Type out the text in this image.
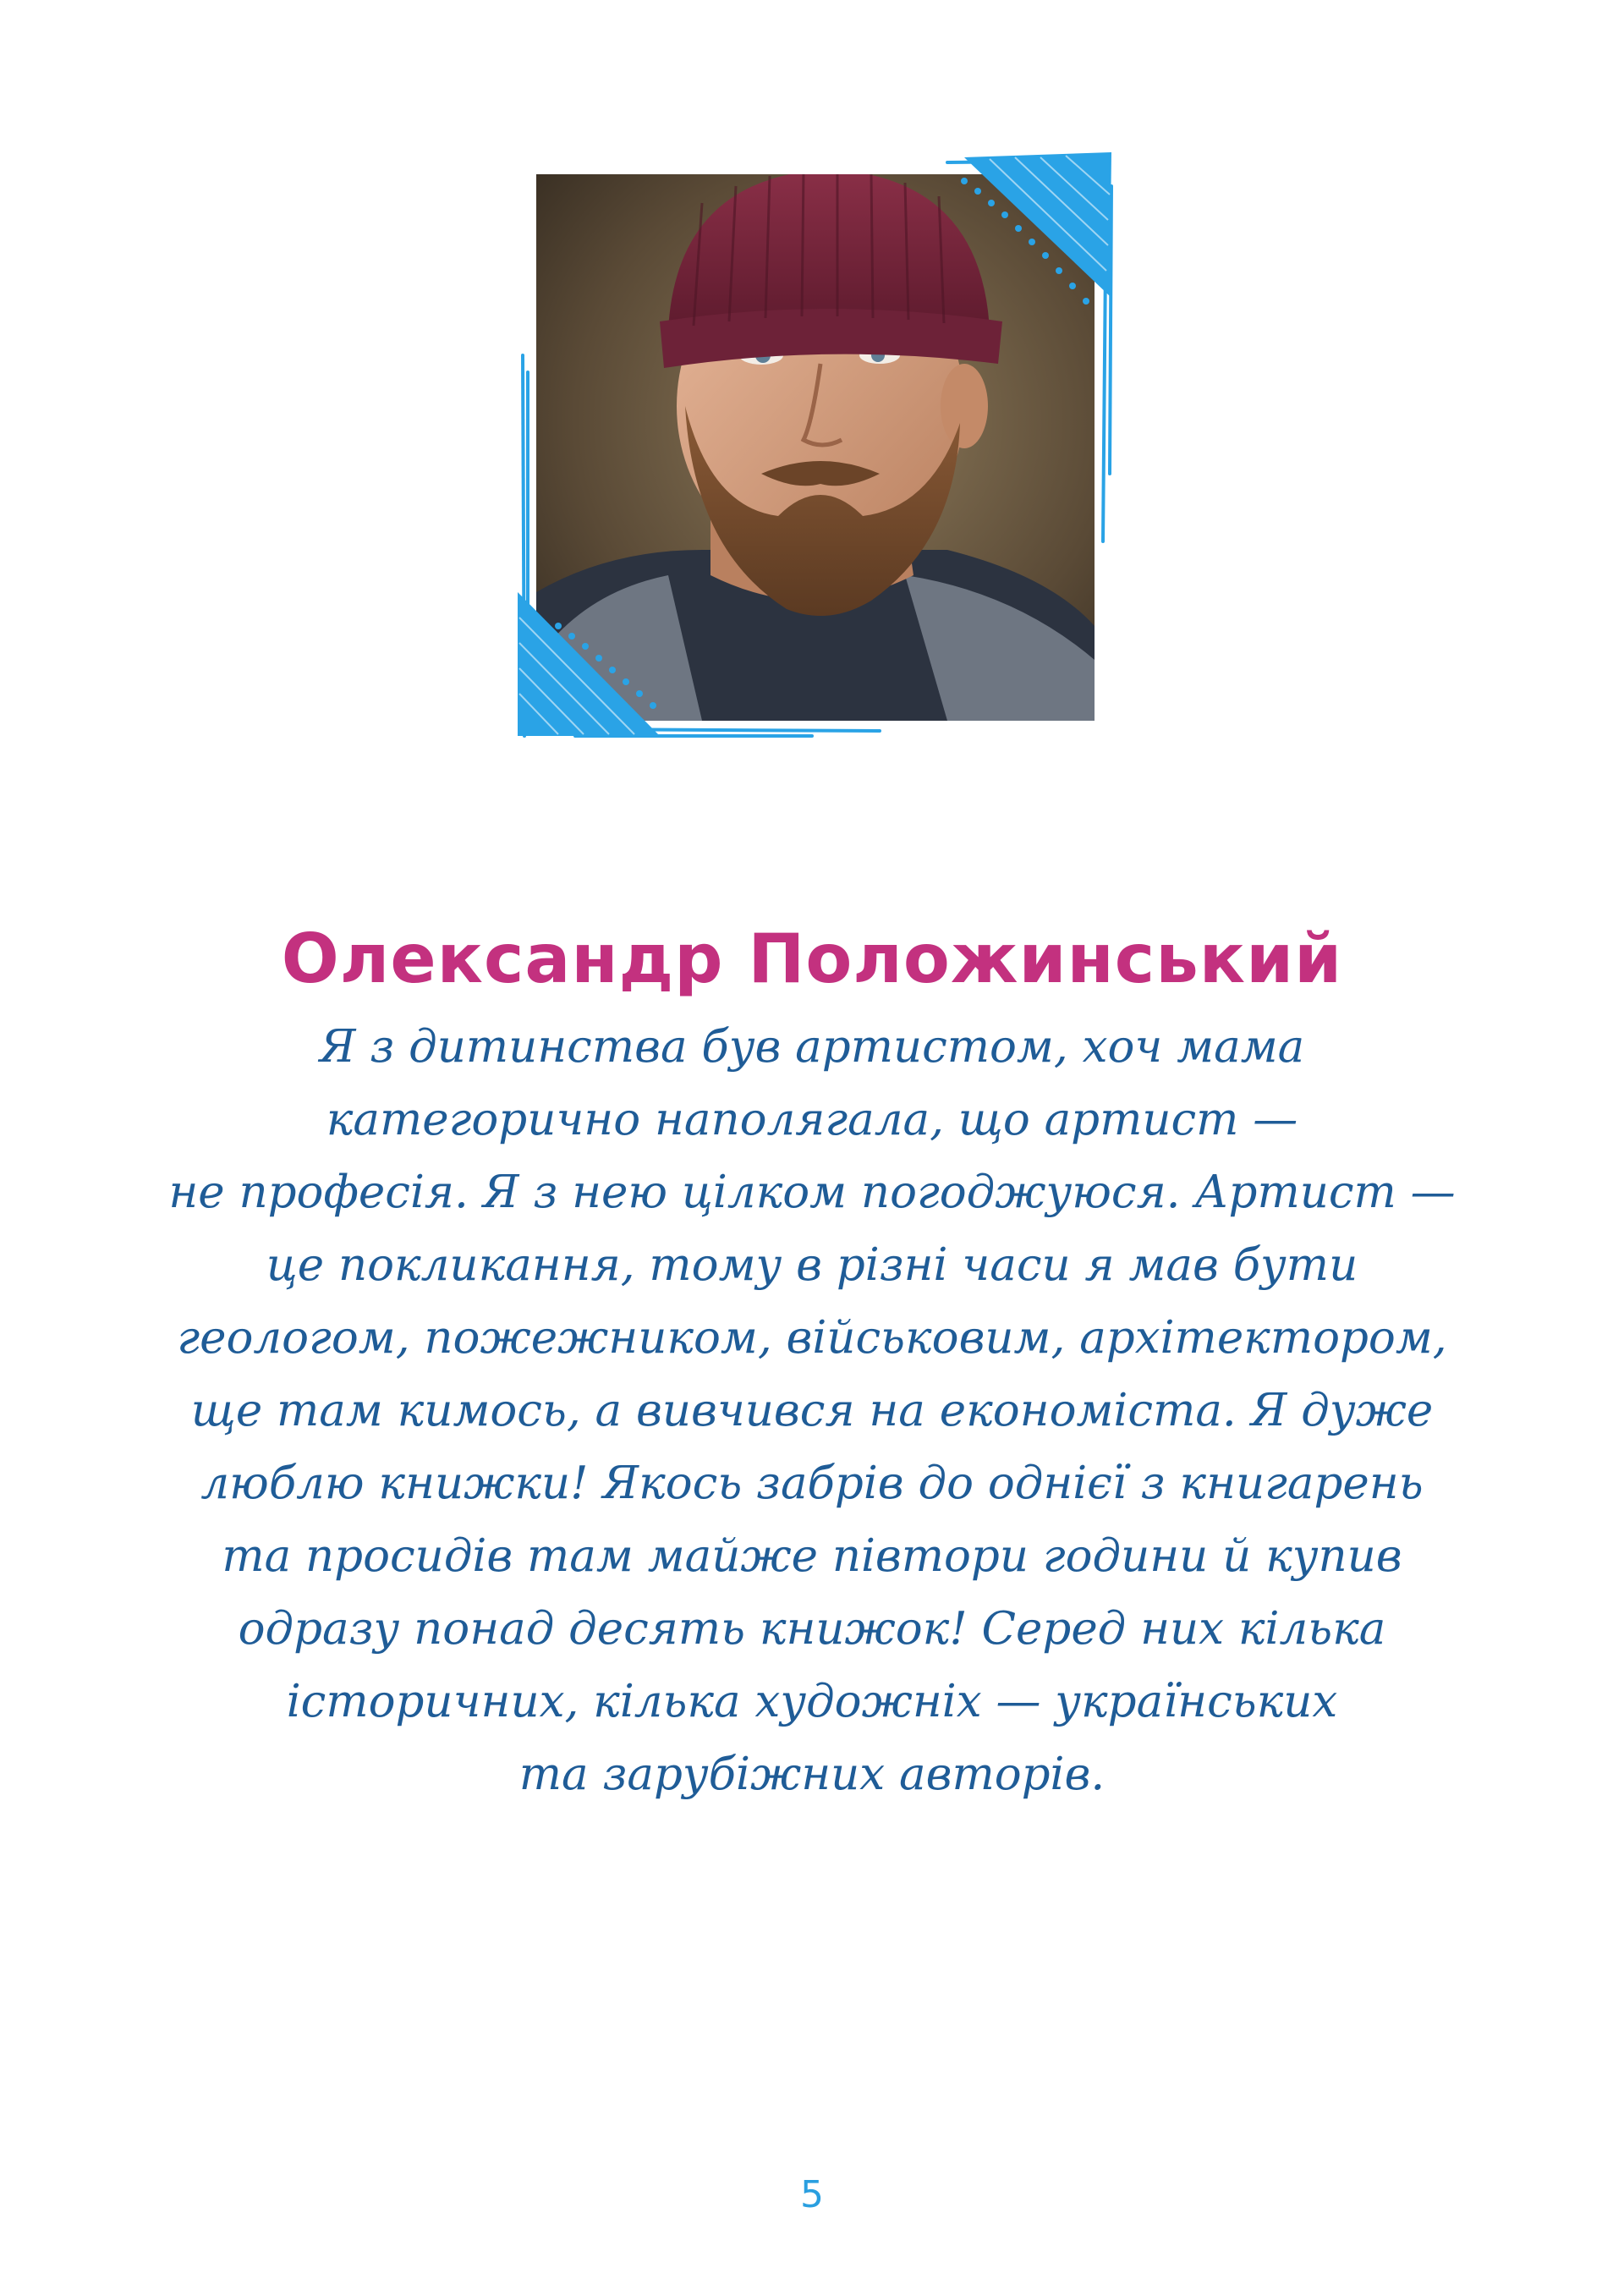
Олександр Положинський

Я з дитинства був артистом, хоч мама
категорично наполягала, що артист —
не професія. Я з нею цілком погоджуюся. Артист —
це покликання, тому в різні часи я мав бути
геологом, пожежником, військовим, архітектором,
ще там кимось, а вивчився на економіста. Я дуже
люблю книжки! Якось забрів до однієї з книгарень
та просидів там майже півтори години й купив
одразу понад десять книжок! Серед них кілька
історичних, кілька художніх — українських
та зарубіжних авторів.

5
